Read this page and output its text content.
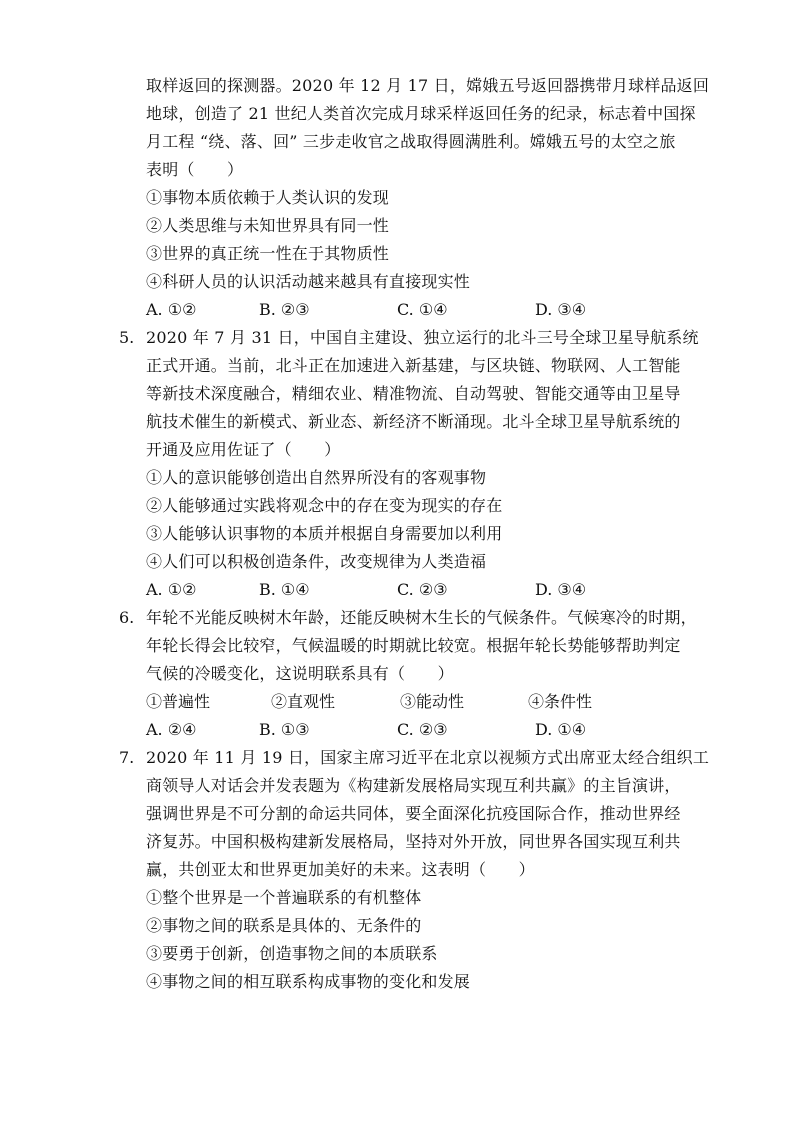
取样返回的探测器。2020 年 12 月 17 日，嫦娥五号返回器携带月球样品返回
地球，创造了 21 世纪人类首次完成月球采样返回任务的纪录，标志着中国探
月工程 “绕、落、回” 三步走收官之战取得圆满胜利。嫦娥五号的太空之旅
表明（　　）
①事物本质依赖于人类认识的发现
②人类思维与未知世界具有同一性
③世界的真正统一性在于其物质性
④科研人员的认识活动越来越具有直接现实性
A. ①②	B. ②③	C. ①④	D. ③④
5. 2020 年 7 月 31 日，中国自主建设、独立运行的北斗三号全球卫星导航系统
正式开通。当前，北斗正在加速进入新基建，与区块链、物联网、人工智能
等新技术深度融合，精细农业、精准物流、自动驾驶、智能交通等由卫星导
航技术催生的新模式、新业态、新经济不断涌现。北斗全球卫星导航系统的
开通及应用佐证了（　　）
①人的意识能够创造出自然界所没有的客观事物
②人能够通过实践将观念中的存在变为现实的存在
③人能够认识事物的本质并根据自身需要加以利用
④人们可以积极创造条件，改变规律为人类造福
A. ①②	B. ①④	C. ②③	D. ③④
6. 年轮不光能反映树木年龄，还能反映树木生长的气候条件。气候寒冷的时期，
年轮长得会比较窄，气候温暖的时期就比较宽。根据年轮长势能够帮助判定
气候的冷暖变化，这说明联系具有（　　）
①普遍性	②直观性	③能动性	④条件性
A. ②④	B. ①③	C. ②③	D. ①④
7. 2020 年 11 月 19 日，国家主席习近平在北京以视频方式出席亚太经合组织工
商领导人对话会并发表题为《构建新发展格局实现互利共赢》的主旨演讲，
强调世界是不可分割的命运共同体，要全面深化抗疫国际合作，推动世界经
济复苏。中国积极构建新发展格局，坚持对外开放，同世界各国实现互利共
赢，共创亚太和世界更加美好的未来。这表明（　　）
①整个世界是一个普遍联系的有机整体
②事物之间的联系是具体的、无条件的
③要勇于创新，创造事物之间的本质联系
④事物之间的相互联系构成事物的变化和发展
